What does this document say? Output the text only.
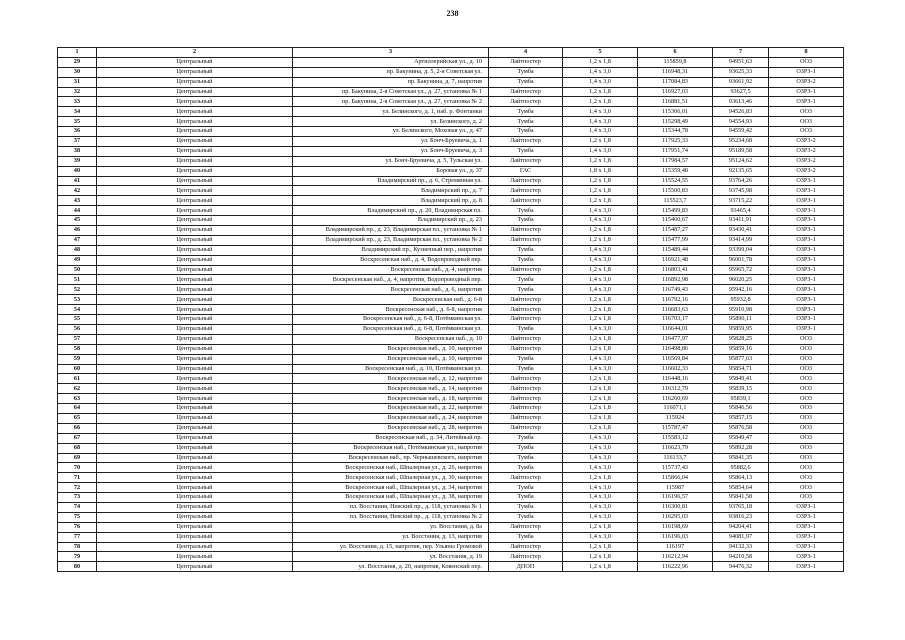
238
1	2	3	4	5	6	7	8
29	Центральный	Артиллерийская ул., д. 10	Лайтпостер	1,2 х 1,8	115859,8	94951,63	ОО3
30	Центральный	пр. Бакунина, д. 5, 2-я Советская ул.	Тумба	1,4 х 3,0	116948,31	93625,33	ОЗРЗ-1
31	Центральный	пр. Бакунина, д. 7, напротив	Тумба	1,4 х 3,0	117084,83	93661,92	ОЗРЗ-2
32	Центральный	пр. Бакунина, 2-я Советская ул., д. 27, установка № 1	Лайтпостер	1,2 х 1,8	116927,03	93627,5	ОЗРЗ-1
33	Центральный	пр. Бакунина, 2-я Советская ул., д. 27, установка № 2	Лайтпостер	1,2 х 1,8	116881,51	93613,46	ОЗРЗ-1
34	Центральный	ул. Белинского, д. 1, наб. р. Фонтанки	Тумба	1,4 х 3,0	115306,01	94526,83	ОО3
35	Центральный	ул. Белинского, д. 2	Тумба	1,4 х 3,0	115298,49	94554,93	ОО3
36	Центральный	ул. Белинского, Моховая ул., д. 47	Тумба	1,4 х 3,0	115344,78	94559,42	ОО3
37	Центральный	ул. Бонч-Бруевича, д. 1	Лайтпостер	1,2 х 1,8	117925,33	95234,68	ОЗРЗ-2
38	Центральный	ул. Бонч-Бруевича, д. 3	Тумба	1,4 х 3,0	117951,74	95189,58	ОЗРЗ-2
39	Центральный	ул. Бонч-Бруевича, д. 5, Тульская ул.	Лайтпостер	1,2 х 1,8	117984,57	95124,62	ОЗРЗ-2
40	Центральный	Боровая ул., д. 37	ГАС	1,8 х 1,8	115359,48	92135,65	ОЗРЗ-2
41	Центральный	Владимирский пр., д. 6, Стремянная ул.	Лайтпостер	1,2 х 1,8	115524,55	93764,26	ОЗРЗ-1
42	Центральный	Владимирский пр., д. 7	Лайтпостер	1,2 х 1,8	115500,83	93745,98	ОЗРЗ-1
43	Центральный	Владимирский пр., д. 8	Лайтпостер	1,2 х 1,8	115523,7	93715,22	ОЗРЗ-1
44	Центральный	Владимирский пр., д. 20, Владимирская пл.	Тумба	1,4 х 3,0	115499,83	93465,4	ОЗРЗ-1
45	Центральный	Владимирский пр., д. 23	Тумба	1,4 х 3,0	115460,67	93411,91	ОЗРЗ-1
46	Центральный	Владимирский пр., д. 23, Владимирская пл., установка № 1	Лайтпостер	1,2 х 1,8	115487,27	93430,41	ОЗРЗ-1
47	Центральный	Владимирский пр., д. 23, Владимирская пл., установка № 2	Лайтпостер	1,2 х 1,8	115477,99	93414,99	ОЗРЗ-1
48	Центральный	Владимирский пр., Кузнечный пер., напротив	Тумба	1,4 х 3,0	115489,44	93399,04	ОЗРЗ-1
49	Центральный	Воскресенская наб., д. 4, Водопроводный пер.	Тумба	1,4 х 3,0	116921,48	96001,78	ОЗРЗ-1
50	Центральный	Воскресенская наб., д. 4, напротив	Лайтпостер	1,2 х 1,8	116803,41	95965,72	ОЗРЗ-1
51	Центральный	Воскресенская наб., д. 4, напротив, Водопроводный пер.	Тумба	1,4 х 3,0	116892,98	96020,25	ОЗРЗ-1
52	Центральный	Воскресенская наб., д. 6, напротив	Тумба	1,4 х 3,0	116749,43	95942,16	ОЗРЗ-1
53	Центральный	Воскресенская наб., д. 6-8	Лайтпостер	1,2 х 1,8	116792,16	95932,8	ОЗРЗ-1
54	Центральный	Воскресенская наб., д. 6-8, напротив	Лайтпостер	1,2 х 1,8	116683,63	95910,98	ОЗРЗ-1
55	Центральный	Воскресенская наб., д. 6-8, Потёмкинская ул.	Лайтпостер	1,2 х 1,8	116703,17	95890,11	ОЗРЗ-1
56	Центральный	Воскресенская наб., д. 6-8, Потёмкинская ул.	Тумба	1,4 х 3,0	116644,01	95859,95	ОЗРЗ-1
57	Центральный	Воскресенская наб., д. 10	Лайтпостер	1,2 х 1,8	116477,97	95828,25	ОО3
58	Центральный	Воскресенская наб., д. 10, напротив	Лайтпостер	1,2 х 1,8	116498,86	95859,16	ОО3
59	Центральный	Воскресенская наб., д. 10, напротив	Тумба	1,4 х 3,0	116569,84	95877,63	ОО3
60	Центральный	Воскресенская наб., д. 10, Потёмкинская ул.	Тумба	1,4 х 3,0	116602,33	95854,71	ОО3
61	Центральный	Воскресенская наб., д. 12, напротив	Лайтпостер	1,2 х 1,8	116448,16	95849,41	ОО3
62	Центральный	Воскресенская наб., д. 14, напротив	Лайтпостер	1,2 х 1,8	116312,79	95839,15	ОО3
63	Центральный	Воскресенская наб., д. 18, напротив	Лайтпостер	1,2 х 1,8	116260,69	95839,1	ОО3
64	Центральный	Воскресенская наб., д. 22, напротив	Лайтпостер	1,2 х 1,8	116071,1	95846,56	ОО3
65	Центральный	Воскресенская наб., д. 24, напротив	Лайтпостер	1,2 х 1,8	115924	95857,15	ОО3
66	Центральный	Воскресенская наб., д. 28, напротив	Лайтпостер	1,2 х 1,8	115787,47	95876,58	ОО3
67	Центральный	Воскресенская наб., д. 34, Литейный пр.	Тумба	1,4 х 3,0	115583,12	95849,47	ОО3
68	Центральный	Воскресенская наб., Потёмкинская ул., напротив	Тумба	1,4 х 3,0	116623,79	95892,28	ОО3
69	Центральный	Воскресенская наб., пр. Чернышевского, напротив	Тумба	1,4 х 3,0	116133,7	95841,35	ОО3
70	Центральный	Воскресенская наб., Шпалерная ул., д. 26, напротив	Тумба	1,4 х 3,0	115737,43	95882,6	ОО3
71	Центральный	Воскресенская наб., Шпалерная ул., д. 30, напротив	Лайтпостер	1,2 х 1,8	115866,04	95864,13	ОО3
72	Центральный	Воскресенская наб., Шпалерная ул., д. 34, напротив	Тумба	1,4 х 3,0	115987	95854,64	ОО3
73	Центральный	Воскресенская наб., Шпалерная ул., д. 38, напротив	Тумба	1,4 х 3,0	116196,57	95841,58	ОО3
74	Центральный	пл. Восстания, Невский пр., д. 118, установка № 1	Тумба	1,4 х 3,0	116300,81	93765,18	ОЗРЗ-1
75	Центральный	пл. Восстания, Невский пр., д. 118, установка № 2	Тумба	1,4 х 3,0	116295,03	93816,23	ОЗРЗ-1
76	Центральный	ул. Восстания, д. 8а	Лайтпостер	1,2 х 1,8	116198,69	94204,41	ОЗРЗ-1
77	Центральный	ул. Восстания, д. 13, напротив	Тумба	1,4 х 3,0	116196,03	94081,97	ОЗРЗ-1
78	Центральный	ул. Восстания, д. 15, напротив, пер. Ульяны Громовой	Лайтпостер	1,2 х 1,8	116197	94132,33	ОЗРЗ-1
79	Центральный	ул. Восстания, д. 19	Лайтпостер	1,2 х 1,8	116212,94	94210,58	ОЗРЗ-1
80	Центральный	ул. Восстания, д. 20, напротив, Ковенский пер.	ДПОП	1,2 х 1,8	116222,96	94476,32	ОЗРЗ-1
